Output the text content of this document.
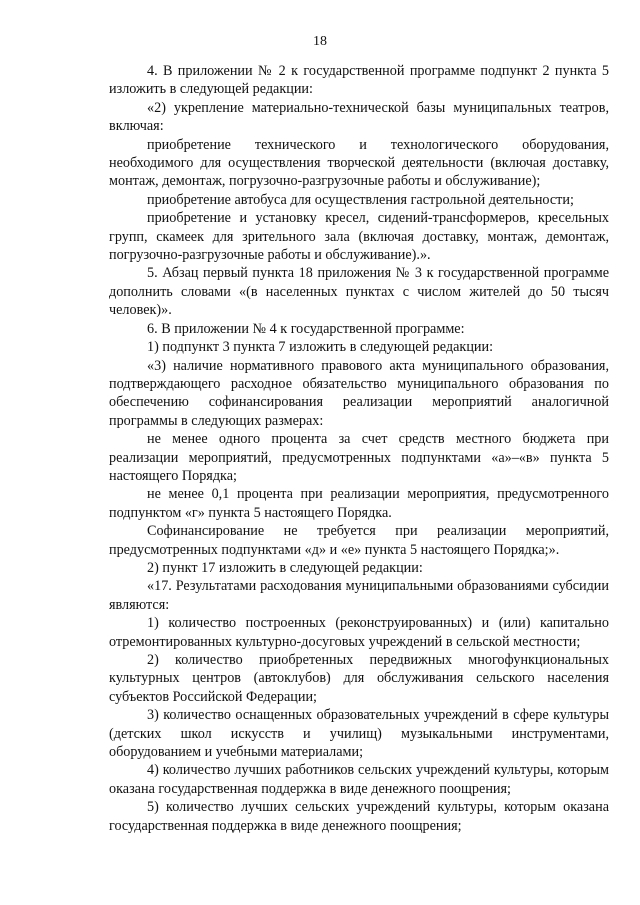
18

4. В приложении № 2 к государственной программе подпункт 2 пункта 5 изложить в следующей редакции:

«2) укрепление материально-технической базы муниципальных театров, включая:

приобретение технического и технологического оборудования, необходимого для осуществления творческой деятельности (включая доставку, монтаж, демонтаж, погрузочно-разгрузочные работы и обслуживание);

приобретение автобуса для осуществления гастрольной деятельности;

приобретение и установку кресел, сидений-трансформеров, кресельных групп, скамеек для зрительного зала (включая доставку, монтаж, демонтаж, погрузочно-разгрузочные работы и обслуживание).».

5. Абзац первый пункта 18 приложения № 3 к государственной программе дополнить словами «(в населенных пунктах с числом жителей до 50 тысяч человек)».

6. В приложении № 4 к государственной программе:

1) подпункт 3 пункта 7 изложить в следующей редакции:

«3) наличие нормативного правового акта муниципального образования, подтверждающего расходное обязательство муниципального образования по обеспечению софинансирования реализации мероприятий аналогичной программы в следующих размерах:

не менее одного процента за счет средств местного бюджета при реализации мероприятий, предусмотренных подпунктами «а»–«в» пункта 5 настоящего Порядка;

не менее 0,1 процента при реализации мероприятия, предусмотренного подпунктом «г» пункта 5 настоящего Порядка.

Софинансирование не требуется при реализации мероприятий, предусмотренных подпунктами «д» и «е» пункта 5 настоящего Порядка;».

2) пункт 17 изложить в следующей редакции:

«17. Результатами расходования муниципальными образованиями субсидии являются:

1) количество построенных (реконструированных) и (или) капитально отремонтированных культурно-досуговых учреждений в сельской местности;

2) количество приобретенных передвижных многофункциональных культурных центров (автоклубов) для обслуживания сельского населения субъектов Российской Федерации;

3) количество оснащенных образовательных учреждений в сфере культуры (детских школ искусств и училищ) музыкальными инструментами, оборудованием и учебными материалами;

4) количество лучших работников сельских учреждений культуры, которым оказана государственная поддержка в виде денежного поощрения;

5) количество лучших сельских учреждений культуры, которым оказана государственная поддержка в виде денежного поощрения;
